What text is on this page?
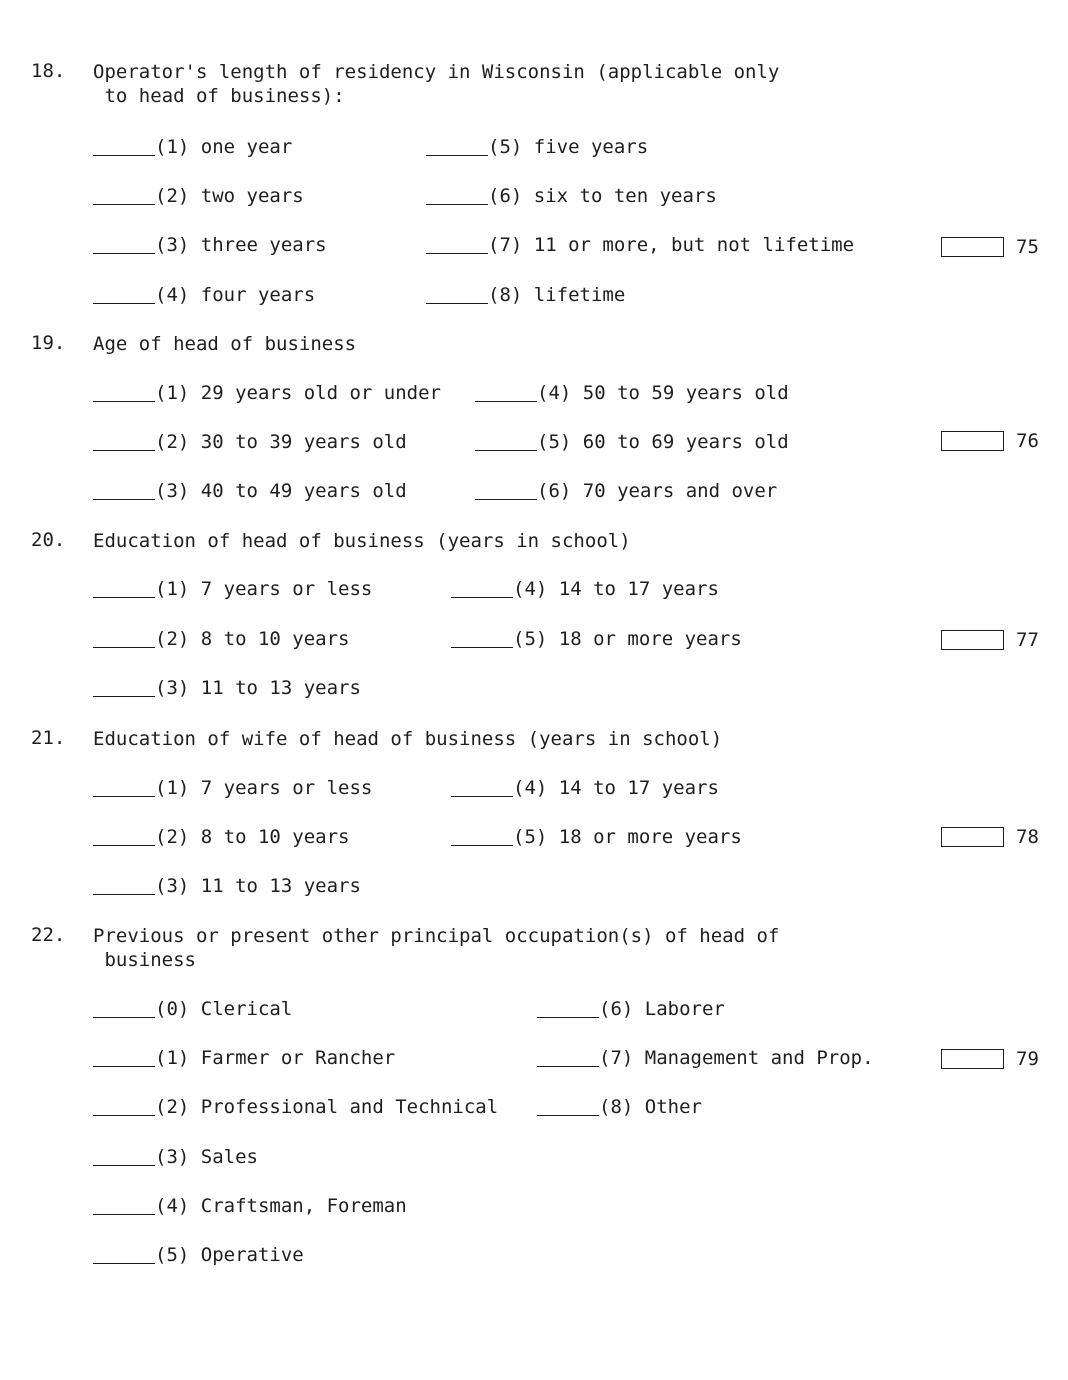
18. Operator's length of residency in Wisconsin (applicable only
to head of business):
(1) one year
(2) two years
(3) three years
(4) four years
(5) five years
(6) six to ten years
(7) 11 or more, but not lifetime
(8) lifetime
75
19. Age of head of business
(1) 29 years old or under
(2) 30 to 39 years old
(3) 40 to 49 years old
(4) 50 to 59 years old
(5) 60 to 69 years old
(6) 70 years and over
76
20. Education of head of business (years in school)
(1) 7 years or less
(2) 8 to 10 years
(3) 11 to 13 years
(4) 14 to 17 years
(5) 18 or more years	77
21. Education of wife of head of business (years in school)
(1) 7 years or less
(2) 8 to 10 years
(3) 11 to 13 years
(4) 14 to 17 years
(5) 18 or more years	78
22. Previous or present other principal occupation(s) of head of
business
(0) Clerical
(1) Farmer or Rancher
(2) Professional and Technical
(3) Sales
(4) Craftsman, Foreman
(5) Operative
(6) Laborer
(7) Management and Prop.
(8) Other
79
